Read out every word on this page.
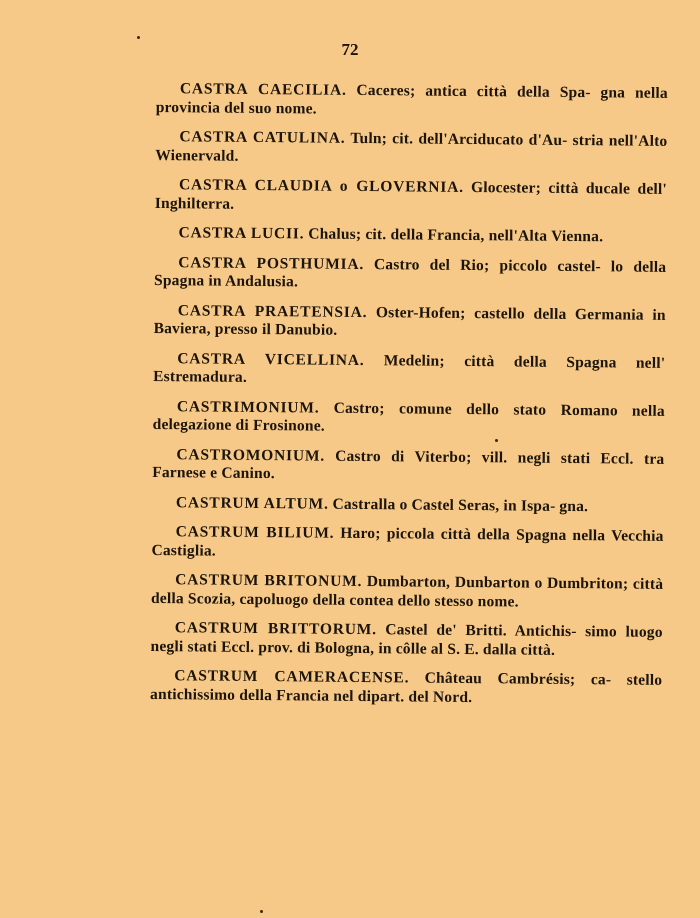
72
CASTRA CAECILIA. Caceres; antica città della Spa- gna nella provincia del suo nome.
CASTRA CATULINA. Tuln; cit. dell'Arciducato d'Au- stria nell'Alto Wienervald.
CASTRA CLAUDIA o GLOVERNIA. Glocester; città ducale dell' Inghilterra.
CASTRA LUCII. Chalus; cit. della Francia, nell'Alta Vienna.
CASTRA POSTHUMIA. Castro del Rio; piccolo castel- lo della Spagna in Andalusia.
CASTRA PRAETENSIA. Oster-Hofen; castello della Germania in Baviera, presso il Danubio.
CASTRA VICELLINA. Medelin; città della Spagna nell' Estremadura.
CASTRIMONIUM. Castro; comune dello stato Romano nella delegazione di Frosinone.
CASTROMONIUM. Castro di Viterbo; vill. negli stati Eccl. tra Farnese e Canino.
CASTRUM ALTUM. Castralla o Castel Seras, in Ispa- gna.
CASTRUM BILIUM. Haro; piccola città della Spagna nella Vecchia Castiglia.
CASTRUM BRITONUM. Dumbarton, Dunbarton o Dumbriton; città della Scozia, capoluogo della contea dello stesso nome.
CASTRUM BRITTORUM. Castel de' Britti. Antichis- simo luogo negli stati Eccl. prov. di Bologna, in côlle al S. E. dalla città.
CASTRUM CAMERACENSE. Château Cambrésis; ca- stello antichissimo della Francia nel dipart. del Nord.
